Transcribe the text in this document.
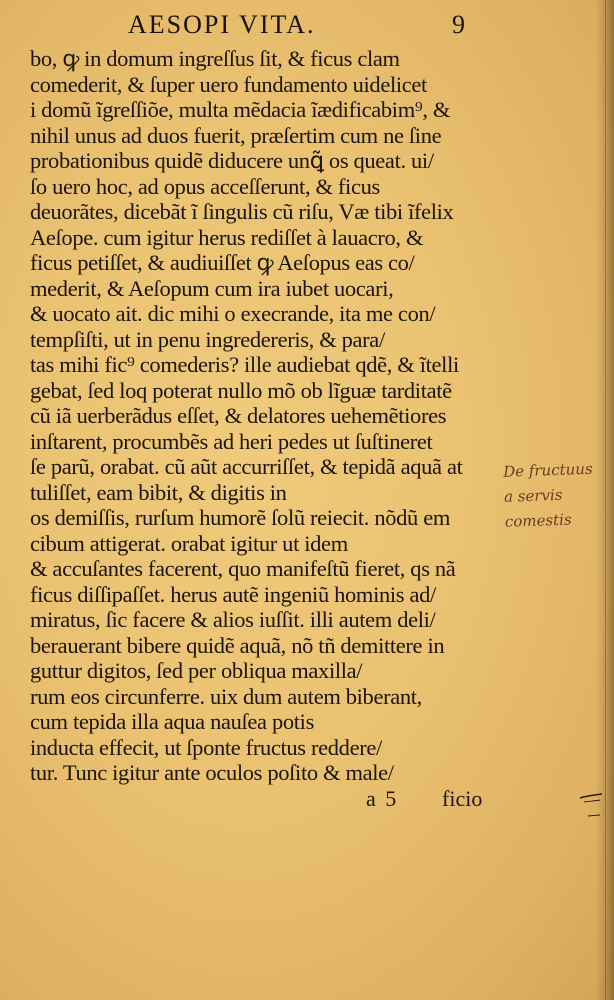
AESOPI VITA.	9
bo, ꝙ in domum ingreſſus ſit, & ficus clam
comederit, & ſuper uero fundamento uidelicet
i domũ ĩgreſſiõe, multa mẽdacia ĩædificabim⁹, &
nihil unus ad duos fuerit, præſertim cum ne ſine
probationibus quidẽ diducere unꝗ̃ os queat. ui/
ſo uero hoc, ad opus acceſſerunt, & ficus
deuorãtes, dicebãt ĩ ſingulis cũ riſu, Væ tibi ĩfelix
Aeſope. cum igitur herus rediſſet à lauacro, &
ficus petiſſet, & audiuiſſet ꝙ Aeſopus eas co/
mederit, & Aeſopum cum ira iubet uocari,
& uocato ait. dic mihi o execrande, ita me con/
tempſiſti, ut in penu ingredereris, & para/
tas mihi fic⁹ comederis? ille audiebat qdẽ, & ĩtelli
gebat, ſed loq poterat nullo mõ ob lĩguæ tarditatẽ
cũ iã uerberãdus eſſet, & delatores uehemẽtiores
inſtarent, procumbẽs ad heri pedes ut ſuſtineret
ſe parũ, orabat. cũ aũt accurriſſet, & tepidã aquã at
tuliſſet, eam bibit, & digitis in
os demiſſis, rurſum humorẽ ſolũ reiecit. nõdũ em
cibum attigerat. orabat igitur ut idem
& accuſantes facerent, quo manifeſtũ fieret, qs nã
ficus diſſipaſſet. herus autẽ ingeniũ hominis ad/
miratus, ſic facere & alios iuſſit. illi autem deli/
berauerant bibere quidẽ aquã, nõ tñ demittere in
guttur digitos, ſed per obliqua maxilla/
rum eos circunferre. uix dum autem biberant,
cum tepida illa aqua nauſea potis
inducta effecit, ut ſponte fructus reddere/
tur. Tunc igitur ante oculos poſito & male/
a 5 ficio
De fructuus
a servis
comestis
